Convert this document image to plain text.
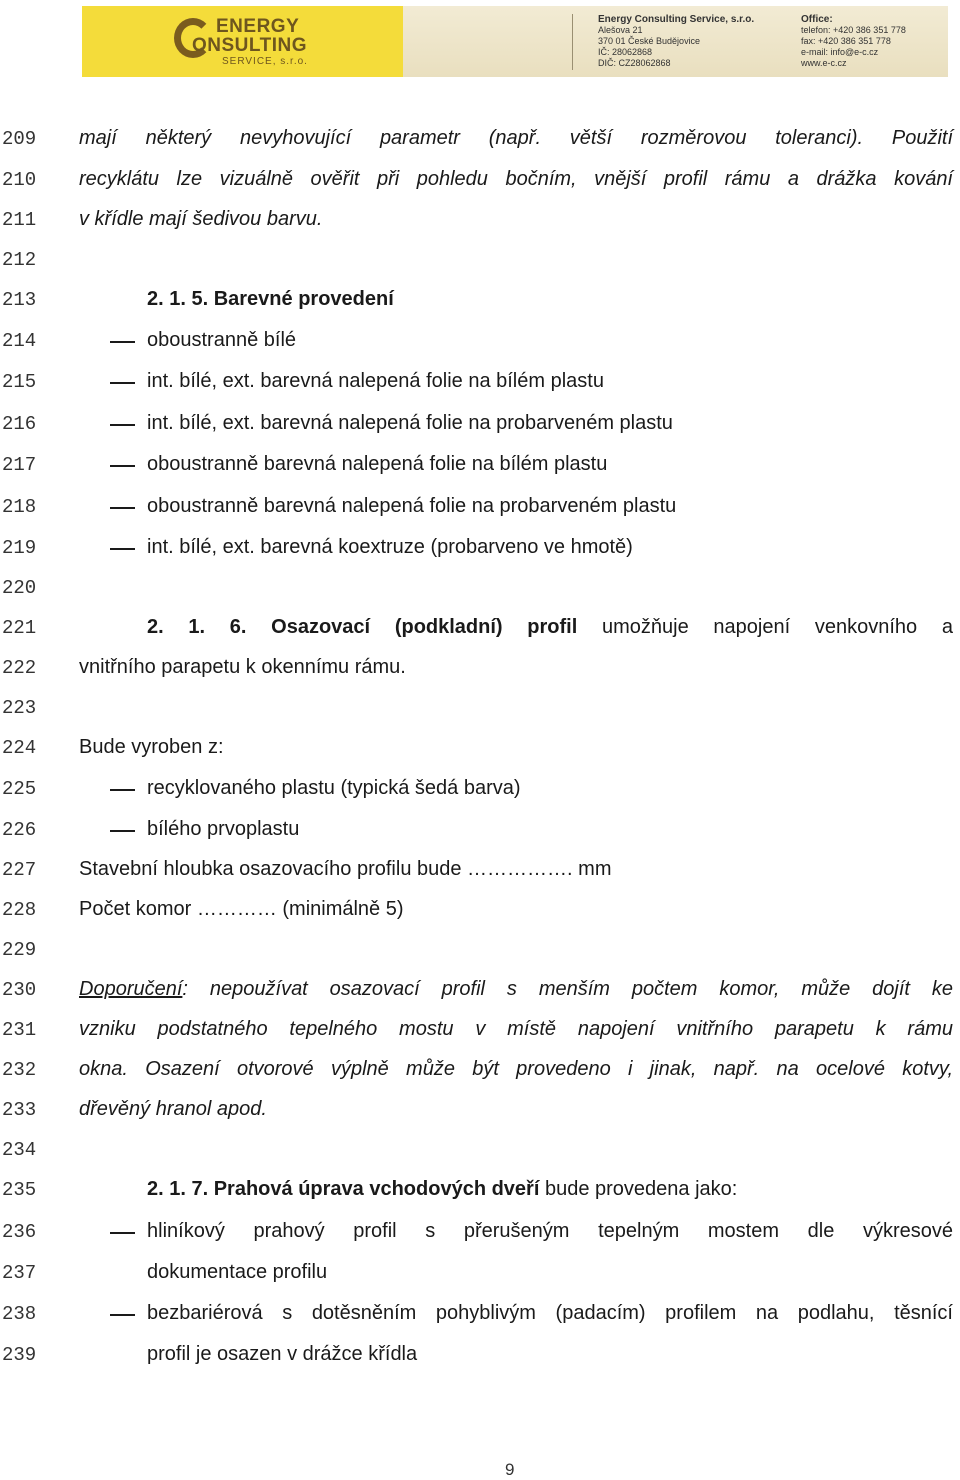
ENERGY
ONSULTING
SERVICE, s.r.o.
Energy Consulting Service, s.r.o.
Alešova 21
370 01 České Budějovice
IČ: 28062868
DIČ: CZ28062868
Office:
telefon: +420 386 351 778
fax: +420 386 351 778
e-mail: info@e-c.cz
www.e-c.cz
209
210
211
212
213
214
215
216
217
218
219
220
221
222
223
224
225
226
227
228
229
230
231
232
233
234
235
236
237
238
239
mají některý nevyhovující parametr (např. větší rozměrovou toleranci). Použití
recyklátu lze vizuálně ověřit při pohledu bočním, vnější profil rámu a drážka kování
v křídle mají šedivou barvu.
2. 1. 5. Barevné provedení
oboustranně bílé
int. bílé, ext. barevná nalepená folie na bílém plastu
int. bílé, ext. barevná nalepená folie na probarveném plastu
oboustranně barevná nalepená folie na bílém plastu
oboustranně barevná nalepená folie na probarveném plastu
int. bílé, ext. barevná koextruze (probarveno ve hmotě)
2. 1. 6. Osazovací (podkladní) profil umožňuje napojení venkovního a
vnitřního parapetu k okennímu rámu.
Bude vyroben z:
recyklovaného plastu (typická šedá barva)
bílého prvoplastu
Stavební hloubka osazovacího profilu bude ……………. mm
Počet komor ………… (minimálně 5)
Doporučení: nepoužívat osazovací profil s menším počtem komor, může dojít ke
vzniku podstatného tepelného mostu v místě napojení vnitřního parapetu k rámu
okna. Osazení otvorové výplně může být provedeno i jinak, např. na ocelové kotvy,
dřevěný hranol apod.
2. 1. 7. Prahová úprava vchodových dveří bude provedena jako:
hliníkový prahový profil s přerušeným tepelným mostem dle výkresové
dokumentace profilu
bezbariérová s dotěsněním pohyblivým (padacím) profilem na podlahu, těsnící
profil je osazen v drážce křídla
9
